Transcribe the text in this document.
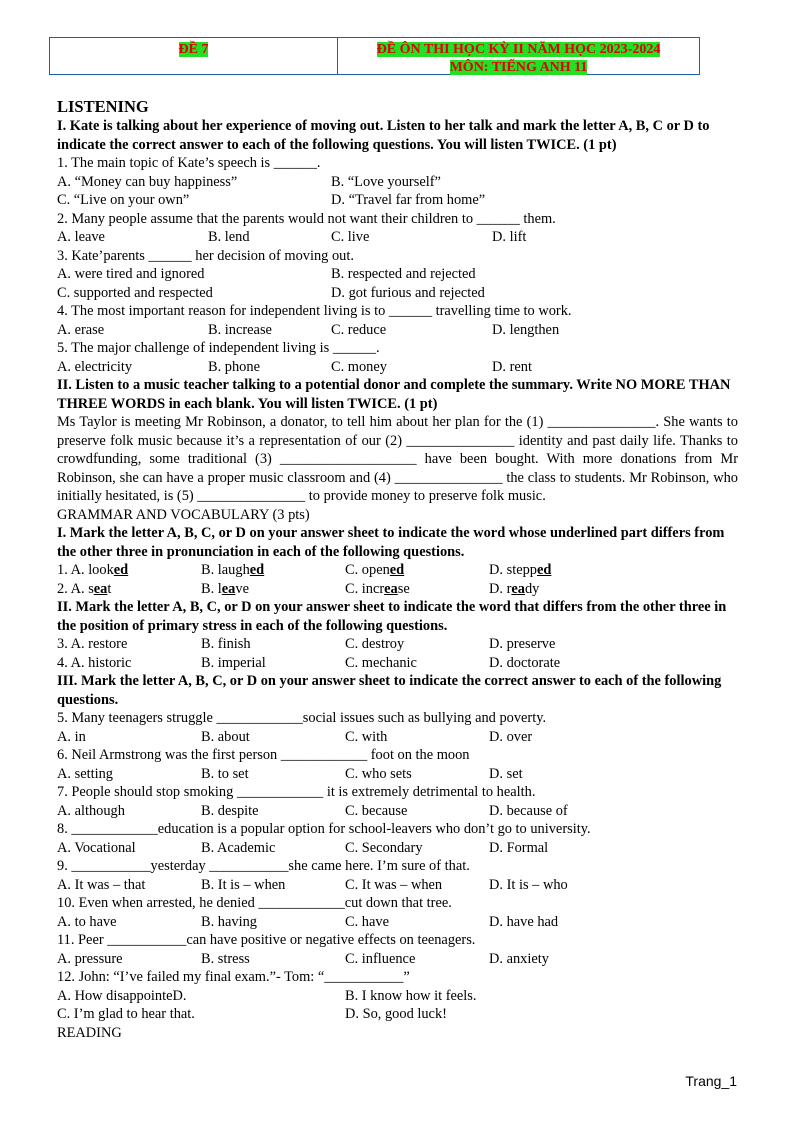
ĐỀ 7	ĐỀ ÔN THI HỌC KỲ II NĂM HỌC 2023-2024
MÔN: TIẾNG ANH 11
LISTENING
I. Kate is talking about her experience of moving out. Listen to her talk and mark the letter A, B, C or D to indicate the correct answer to each of the following questions. You will listen TWICE. (1 pt)
1. The main topic of Kate’s speech is ______.
A. “Money can buy happiness”	B. “Love yourself”
C. “Live on your own”	D. “Travel far from home”
2. Many people assume that the parents would not want their children to ______ them.
A. leave	B. lend	C. live	D. lift
3. Kate’parents ______ her decision of moving out.
A. were tired and ignored	B. respected and rejected
C. supported and respected	D. got furious and rejected
4. The most important reason for independent living is to ______ travelling time to work.
A. erase	B. increase	C. reduce	D. lengthen
5. The major challenge of independent living is ______.
A. electricity	B. phone	C. money	D. rent
II. Listen to a music teacher talking to a potential donor and complete the summary. Write NO MORE THAN THREE WORDS in each blank. You will listen TWICE. (1 pt)
Ms Taylor is meeting Mr Robinson, a donator, to tell him about her plan for the (1) _______________. She wants to preserve folk music because it’s a representation of our (2) _______________ identity and past daily life. Thanks to crowdfunding, some traditional (3) ___________________ have been bought. With more donations from Mr Robinson, she can have a proper music classroom and (4) _______________ the class to students. Mr Robinson, who initially hesitated, is (5) _______________ to provide money to preserve folk music.
GRAMMAR AND VOCABULARY (3 pts)
I. Mark the letter A, B, C, or D on your answer sheet to indicate the word whose underlined part differs from the other three in pronunciation in each of the following questions.
1. A. looked	B. laughed	C. opened	D. stepped
2. A. seat	B. leave	C. increase	D. ready
II. Mark the letter A, B, C, or D on your answer sheet to indicate the word that differs from the other three in the position of primary stress in each of the following questions.
3. A. restore	B. finish	C. destroy	D. preserve
4. A. historic	B. imperial	C. mechanic	D. doctorate
III. Mark the letter A, B, C, or D on your answer sheet to indicate the correct answer to each of the following questions.
5. Many teenagers struggle ____________social issues such as bullying and poverty.
A. in	B. about	C. with	D. over
6. Neil Armstrong was the first person ____________ foot on the moon
A. setting	B. to set	C. who sets	D. set
7. People should stop smoking ____________ it is extremely detrimental to health.
A. although	B. despite	C. because	D. because of
8. ____________education is a popular option for school-leavers who don’t go to university.
A. Vocational	B. Academic	C. Secondary	D. Formal
9. ___________yesterday ___________she came here. I’m sure of that.
A. It was – that	B. It is – when	C. It was – when	D. It is – who
10. Even when arrested, he denied ____________cut down that tree.
A. to have	B. having	C. have	D. have had
11. Peer ___________can have positive or negative effects on teenagers.
A. pressure	B. stress	C. influence	D. anxiety
12. John: “I’ve failed my final exam.”- Tom: “___________”
A. How disappointeD.	B. I know how it feels.
C. I’m glad to hear that.	D. So, good luck!
READING
Trang_1
